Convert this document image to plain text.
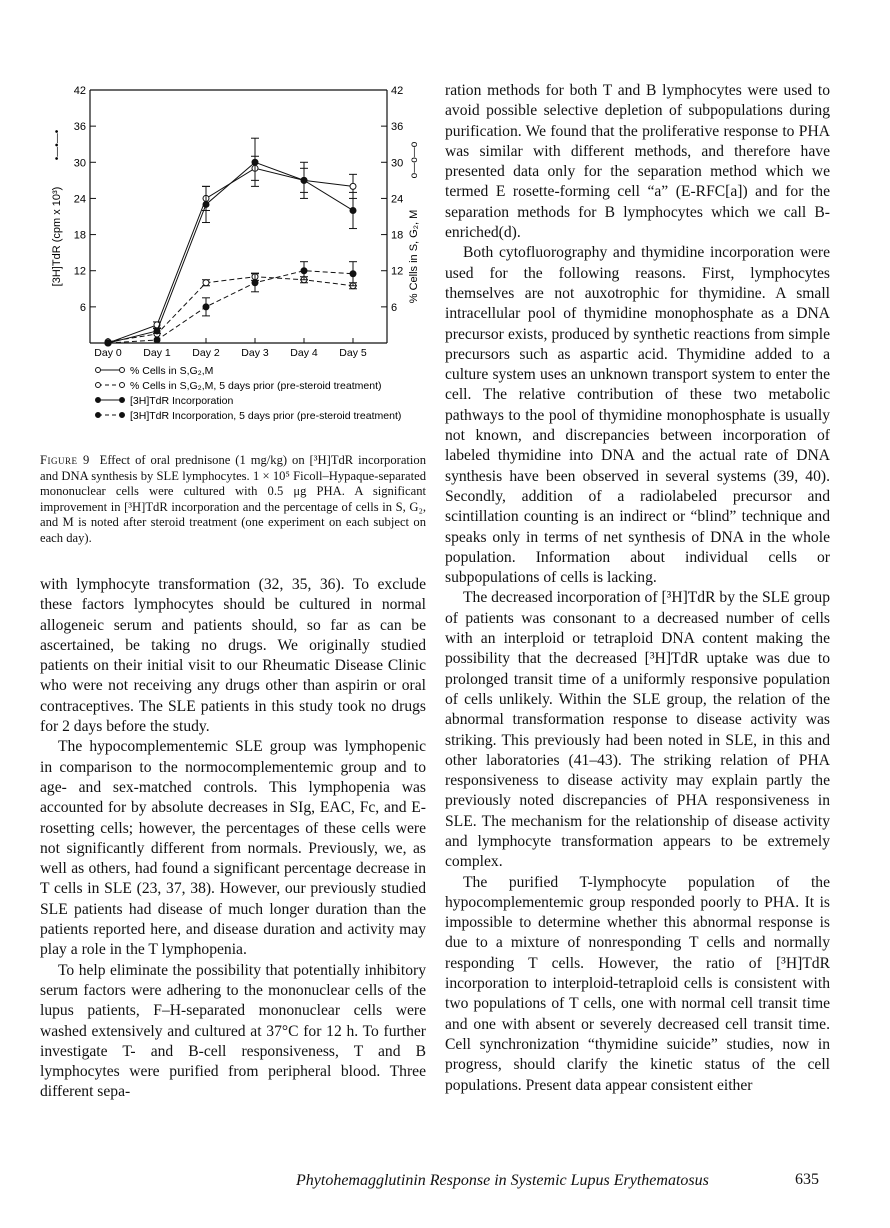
6	6
12	12
18	18
24	24
30	30
36	36
42	42
Day 0 Day 1 Day 2 Day 3 Day 4 Day 5
[3H]TdR (cpm x 10³)
•—•—•
% Cells in S, G₂, M
o—o—o
% Cells in S,G₂,M
% Cells in S,G₂,M, 5 days prior (pre-steroid treatment)
[3H]TdR Incorporation
[3H]TdR Incorporation, 5 days prior (pre-steroid treatment)
Figure 9 Effect of oral prednisone (1 mg/kg) on [³H]TdR incorporation and DNA synthesis by SLE lymphocytes. 1 × 10⁵ Ficoll–Hypaque-separated mononuclear cells were cultured with 0.5 μg PHA. A significant improvement in [³H]TdR incorporation and the percentage of cells in S, G₂, and M is noted after steroid treatment (one experiment on each subject on each day).

with lymphocyte transformation (32, 35, 36). To exclude these factors lymphocytes should be cultured in normal allogeneic serum and patients should, so far as can be ascertained, be taking no drugs. We originally studied patients on their initial visit to our Rheumatic Disease Clinic who were not receiving any drugs other than aspirin or oral contraceptives. The SLE patients in this study took no drugs for 2 days before the study.

The hypocomplementemic SLE group was lymphopenic in comparison to the normocomplementemic group and to age- and sex-matched controls. This lymphopenia was accounted for by absolute decreases in SIg, EAC, Fc, and E-rosetting cells; however, the percentages of these cells were not significantly different from normals. Previously, we, as well as others, had found a significant percentage decrease in T cells in SLE (23, 37, 38). However, our previously studied SLE patients had disease of much longer duration than the patients reported here, and disease duration and activity may play a role in the T lymphopenia.

To help eliminate the possibility that potentially inhibitory serum factors were adhering to the mononuclear cells of the lupus patients, F–H-separated mononuclear cells were washed extensively and cultured at 37°C for 12 h. To further investigate T- and B-cell responsiveness, T and B lymphocytes were purified from peripheral blood. Three different sepa-

ration methods for both T and B lymphocytes were used to avoid possible selective depletion of subpopulations during purification. We found that the proliferative response to PHA was similar with different methods, and therefore have presented data only for the separation method which we termed E rosette-forming cell “a” (E-RFC[a]) and for the separation methods for B lymphocytes which we call B-enriched(d).

Both cytofluorography and thymidine incorporation were used for the following reasons. First, lymphocytes themselves are not auxotrophic for thymidine. A small intracellular pool of thymidine monophosphate as a DNA precursor exists, produced by synthetic reactions from simple precursors such as aspartic acid. Thymidine added to a culture system uses an unknown transport system to enter the cell. The relative contribution of these two metabolic pathways to the pool of thymidine monophosphate is usually not known, and discrepancies between incorporation of labeled thymidine into DNA and the actual rate of DNA synthesis have been observed in several systems (39, 40). Secondly, addition of a radiolabeled precursor and scintillation counting is an indirect or “blind” technique and speaks only in terms of net synthesis of DNA in the whole population. Information about individual cells or subpopulations of cells is lacking.

The decreased incorporation of [³H]TdR by the SLE group of patients was consonant to a decreased number of cells with an interploid or tetraploid DNA content making the possibility that the decreased [³H]TdR uptake was due to prolonged transit time of a uniformly responsive population of cells unlikely. Within the SLE group, the relation of the abnormal transformation response to disease activity was striking. This previously had been noted in SLE, in this and other laboratories (41–43). The striking relation of PHA responsiveness to disease activity may explain partly the previously noted discrepancies of PHA responsiveness in SLE. The mechanism for the relationship of disease activity and lymphocyte transformation appears to be extremely complex.

The purified T-lymphocyte population of the hypocomplementemic group responded poorly to PHA. It is impossible to determine whether this abnormal response is due to a mixture of nonresponding T cells and normally responding T cells. However, the ratio of [³H]TdR incorporation to interploid-tetraploid cells is consistent with two populations of T cells, one with normal cell transit time and one with absent or severely decreased cell transit time. Cell synchronization “thymidine suicide” studies, now in progress, should clarify the kinetic status of the cell populations. Present data appear consistent either

Phytohemagglutinin Response in Systemic Lupus Erythematosus	635
